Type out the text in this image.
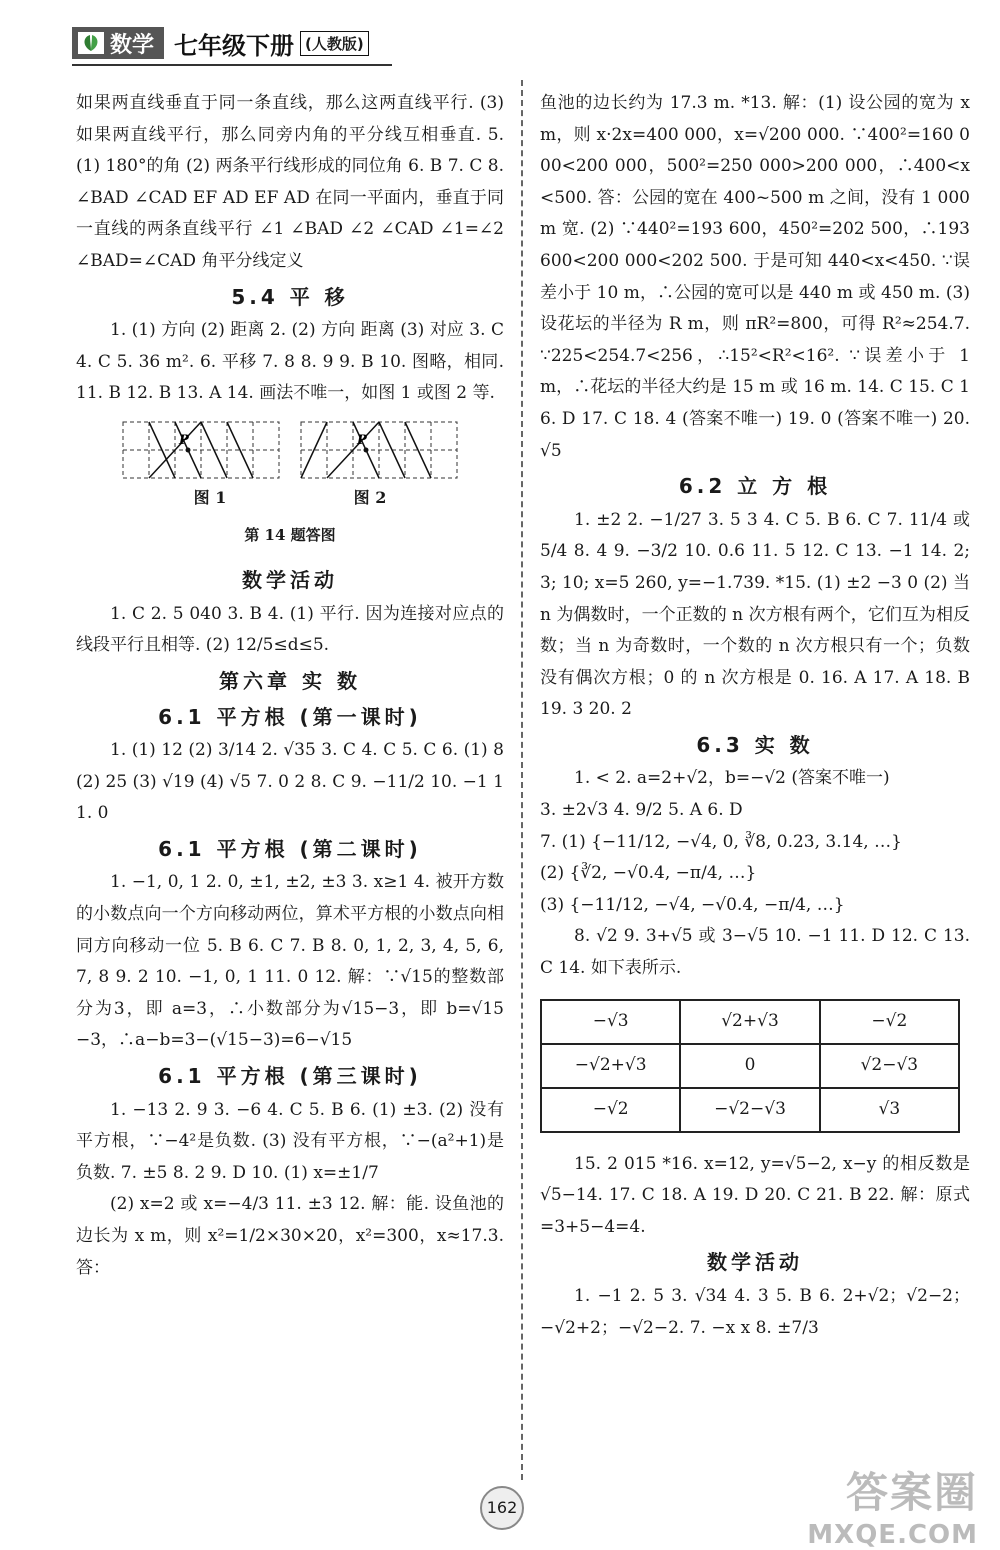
数学 七年级下册 (人教版)

如果两直线垂直于同一条直线，那么这两直线平行. (3) 如果两直线平行，那么同旁内角的平分线互相垂直. 5. (1) 180°的角 (2) 两条平行线形成的同位角 6. B 7. C 8. ∠BAD ∠CAD EF AD EF AD 在同一平面内，垂直于同一直线的两条直线平行 ∠1 ∠BAD ∠2 ∠CAD ∠1=∠2 ∠BAD=∠CAD 角平分线定义

5.4 平 移

1. (1) 方向 (2) 距离 2. (2) 方向 距离 (3) 对应 3. C 4. C 5. 36 m². 6. 平移 7. 8 8. 9 9. B 10. 图略，相同. 11. B 12. B 13. A 14. 画法不唯一，如图 1 或图 2 等.

P	P
图 1	图 2
第 14 题答图
数学活动

1. C 2. 5 040 3. B 4. (1) 平行. 因为连接对应点的线段平行且相等. (2) 12/5≤d≤5.

第六章 实 数
6.1 平方根 (第一课时)

1. (1) 12 (2) 3/14 2. √35 3. C 4. C 5. C 6. (1) 8 (2) 25 (3) √19 (4) √5 7. 0 2 8. C 9. −11/2 10. −1 11. 0

6.1 平方根 (第二课时)

1. −1, 0, 1 2. 0, ±1, ±2, ±3 3. x≥1 4. 被开方数的小数点向一个方向移动两位，算术平方根的小数点向相同方向移动一位 5. B 6. C 7. B 8. 0, 1, 2, 3, 4, 5, 6, 7, 8 9. 2 10. −1, 0, 1 11. 0 12. 解：∵√15的整数部分为3，即 a=3，∴小数部分为√15−3，即 b=√15−3，∴a−b=3−(√15−3)=6−√15

6.1 平方根 (第三课时)

1. −13 2. 9 3. −6 4. C 5. B 6. (1) ±3. (2) 没有平方根，∵−4²是负数. (3) 没有平方根，∵−(a²+1)是负数. 7. ±5 8. 2 9. D 10. (1) x=±1/7

(2) x=2 或 x=−4/3 11. ±3 12. 解：能. 设鱼池的边长为 x m，则 x²=1/2×30×20，x²=300，x≈17.3. 答：

鱼池的边长约为 17.3 m. *13. 解：(1) 设公园的宽为 x m，则 x·2x=400 000，x=√200 000. ∵400²=160 000<200 000，500²=250 000>200 000，∴400<x<500. 答：公园的宽在 400~500 m 之间，没有 1 000 m 宽. (2) ∵440²=193 600，450²=202 500，∴193 600<200 000<202 500. 于是可知 440<x<450. ∵误差小于 10 m，∴公园的宽可以是 440 m 或 450 m. (3) 设花坛的半径为 R m，则 πR²=800，可得 R²≈254.7. ∵225<254.7<256，∴15²<R²<16². ∵误差小于 1 m，∴花坛的半径大约是 15 m 或 16 m. 14. C 15. C 16. D 17. C 18. 4 (答案不唯一) 19. 0 (答案不唯一) 20. √5

6.2 立 方 根

1. ±2 2. −1/27 3. 5 3 4. C 5. B 6. C 7. 11/4 或5/4 8. 4 9. −3/2 10. 0.6 11. 5 12. C 13. −1 14. 2; 3; 10; x=5 260, y=−1.739. *15. (1) ±2 −3 0 (2) 当 n 为偶数时，一个正数的 n 次方根有两个，它们互为相反数；当 n 为奇数时，一个数的 n 次方根只有一个；负数没有偶次方根；0 的 n 次方根是 0. 16. A 17. A 18. B 19. 3 20. 2

6.3 实 数

1. < 2. a=2+√2，b=−√2 (答案不唯一)

3. ±2√3 4. 9/2 5. A 6. D

7. (1) {−11/12, −√4, 0, ∛8, 0.23, 3.14, …}

(2) {∛2, −√0.4, −π/4, …}

(3) {−11/12, −√4, −√0.4, −π/4, …}

8. √2 9. 3+√5 或 3−√5 10. −1 11. D 12. C 13. C 14. 如下表所示.

−√3	√2+√3	−√2
−√2+√3	0	√2−√3
−√2	−√2−√3	√3

15. 2 015 *16. x=12, y=√5−2, x−y 的相反数是 √5−14. 17. C 18. A 19. D 20. C 21. B 22. 解：原式=3+5−4=4.

数学活动

1. −1 2. 5 3. √34 4. 3 5. B 6. 2+√2；√2−2；−√2+2；−√2−2. 7. −x x 8. ±7/3

162	答案圈
MXQE.COM
